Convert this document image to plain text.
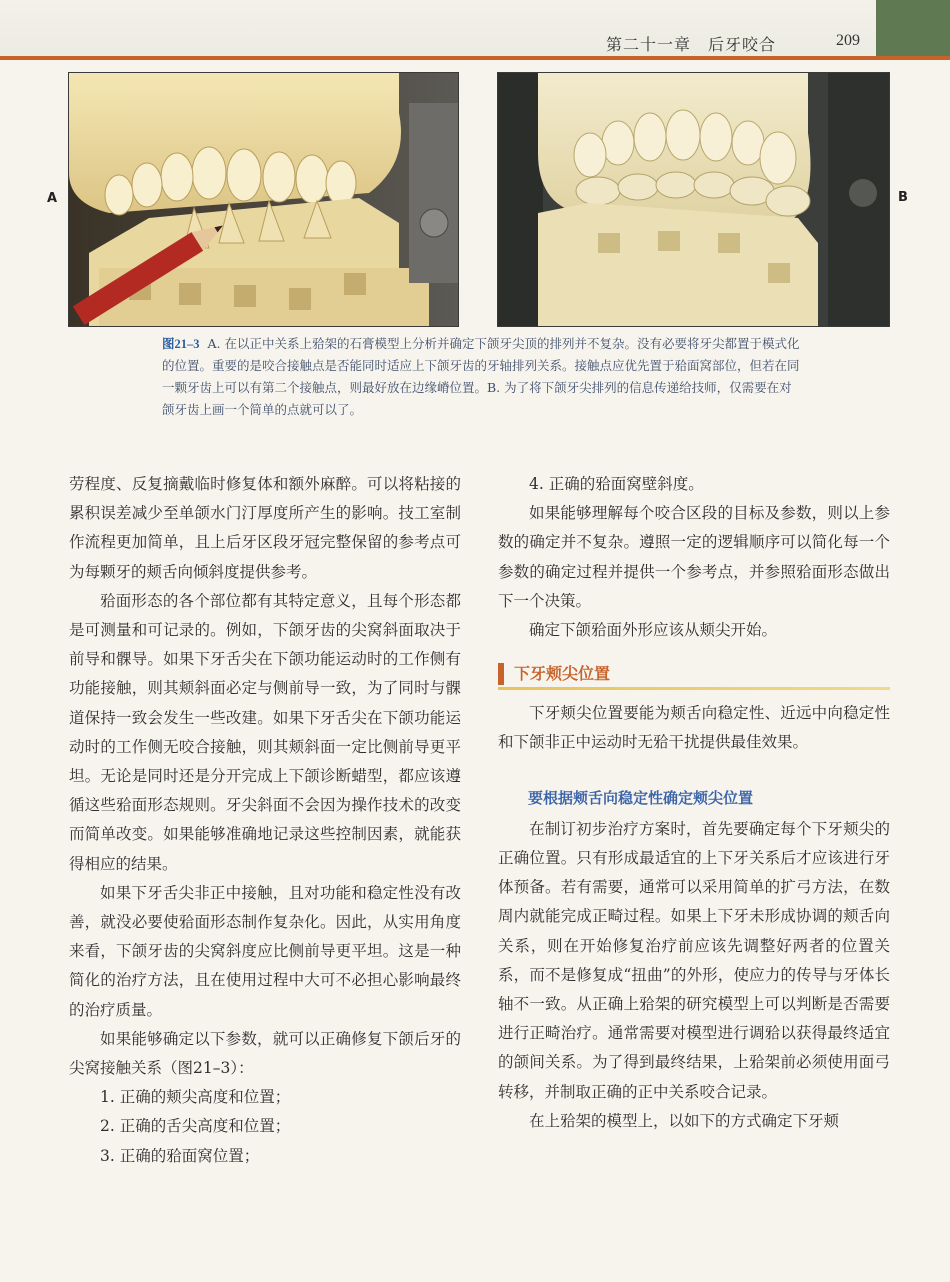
第二十一章　后牙咬合	209
A	B
图21–3 A. 在以正中关系上𬌗架的石膏模型上分析并确定下颌牙尖顶的排列并不复杂。没有必要将牙尖都置于模式化的位置。重要的是咬合接触点是否能同时适应上下颌牙齿的牙轴排列关系。接触点应优先置于𬌗面窝部位，但若在同一颗牙齿上可以有第二个接触点，则最好放在边缘嵴位置。B. 为了将下颌牙尖排列的信息传递给技师，仅需要在对颌牙齿上画一个简单的点就可以了。

劳程度、反复摘戴临时修复体和额外麻醉。可以将粘接的累积误差减少至单颌水门汀厚度所产生的影响。技工室制作流程更加简单，且上后牙区段牙冠完整保留的参考点可为每颗牙的颊舌向倾斜度提供参考。

𬌗面形态的各个部位都有其特定意义，且每个形态都是可测量和可记录的。例如，下颌牙齿的尖窝斜面取决于前导和髁导。如果下牙舌尖在下颌功能运动时的工作侧有功能接触，则其颊斜面必定与侧前导一致，为了同时与髁道保持一致会发生一些改建。如果下牙舌尖在下颌功能运动时的工作侧无咬合接触，则其颊斜面一定比侧前导更平坦。无论是同时还是分开完成上下颌诊断蜡型，都应该遵循这些𬌗面形态规则。牙尖斜面不会因为操作技术的改变而简单改变。如果能够准确地记录这些控制因素，就能获得相应的结果。

如果下牙舌尖非正中接触，且对功能和稳定性没有改善，就没必要使𬌗面形态制作复杂化。因此，从实用角度来看，下颌牙齿的尖窝斜度应比侧前导更平坦。这是一种简化的治疗方法，且在使用过程中大可不必担心影响最终的治疗质量。

如果能够确定以下参数，就可以正确修复下颌后牙的尖窝接触关系（图21–3）：

1. 正确的颊尖高度和位置；

2. 正确的舌尖高度和位置；

3. 正确的𬌗面窝位置；

4. 正确的𬌗面窝壁斜度。

如果能够理解每个咬合区段的目标及参数，则以上参数的确定并不复杂。遵照一定的逻辑顺序可以简化每一个参数的确定过程并提供一个参考点，并参照𬌗面形态做出下一个决策。

确定下颌𬌗面外形应该从颊尖开始。

下牙颊尖位置

下牙颊尖位置要能为颊舌向稳定性、近远中向稳定性和下颌非正中运动时无𬌗干扰提供最佳效果。

要根据颊舌向稳定性确定颊尖位置

在制订初步治疗方案时，首先要确定每个下牙颊尖的正确位置。只有形成最适宜的上下牙关系后才应该进行牙体预备。若有需要，通常可以采用简单的扩弓方法，在数周内就能完成正畸过程。如果上下牙未形成协调的颊舌向关系，则在开始修复治疗前应该先调整好两者的位置关系，而不是修复成“扭曲”的外形，使应力的传导与牙体长轴不一致。从正确上𬌗架的研究模型上可以判断是否需要进行正畸治疗。通常需要对模型进行调𬌗以获得最终适宜的颌间关系。为了得到最终结果，上𬌗架前必须使用面弓转移，并制取正确的正中关系咬合记录。

在上𬌗架的模型上，以如下的方式确定下牙颊
